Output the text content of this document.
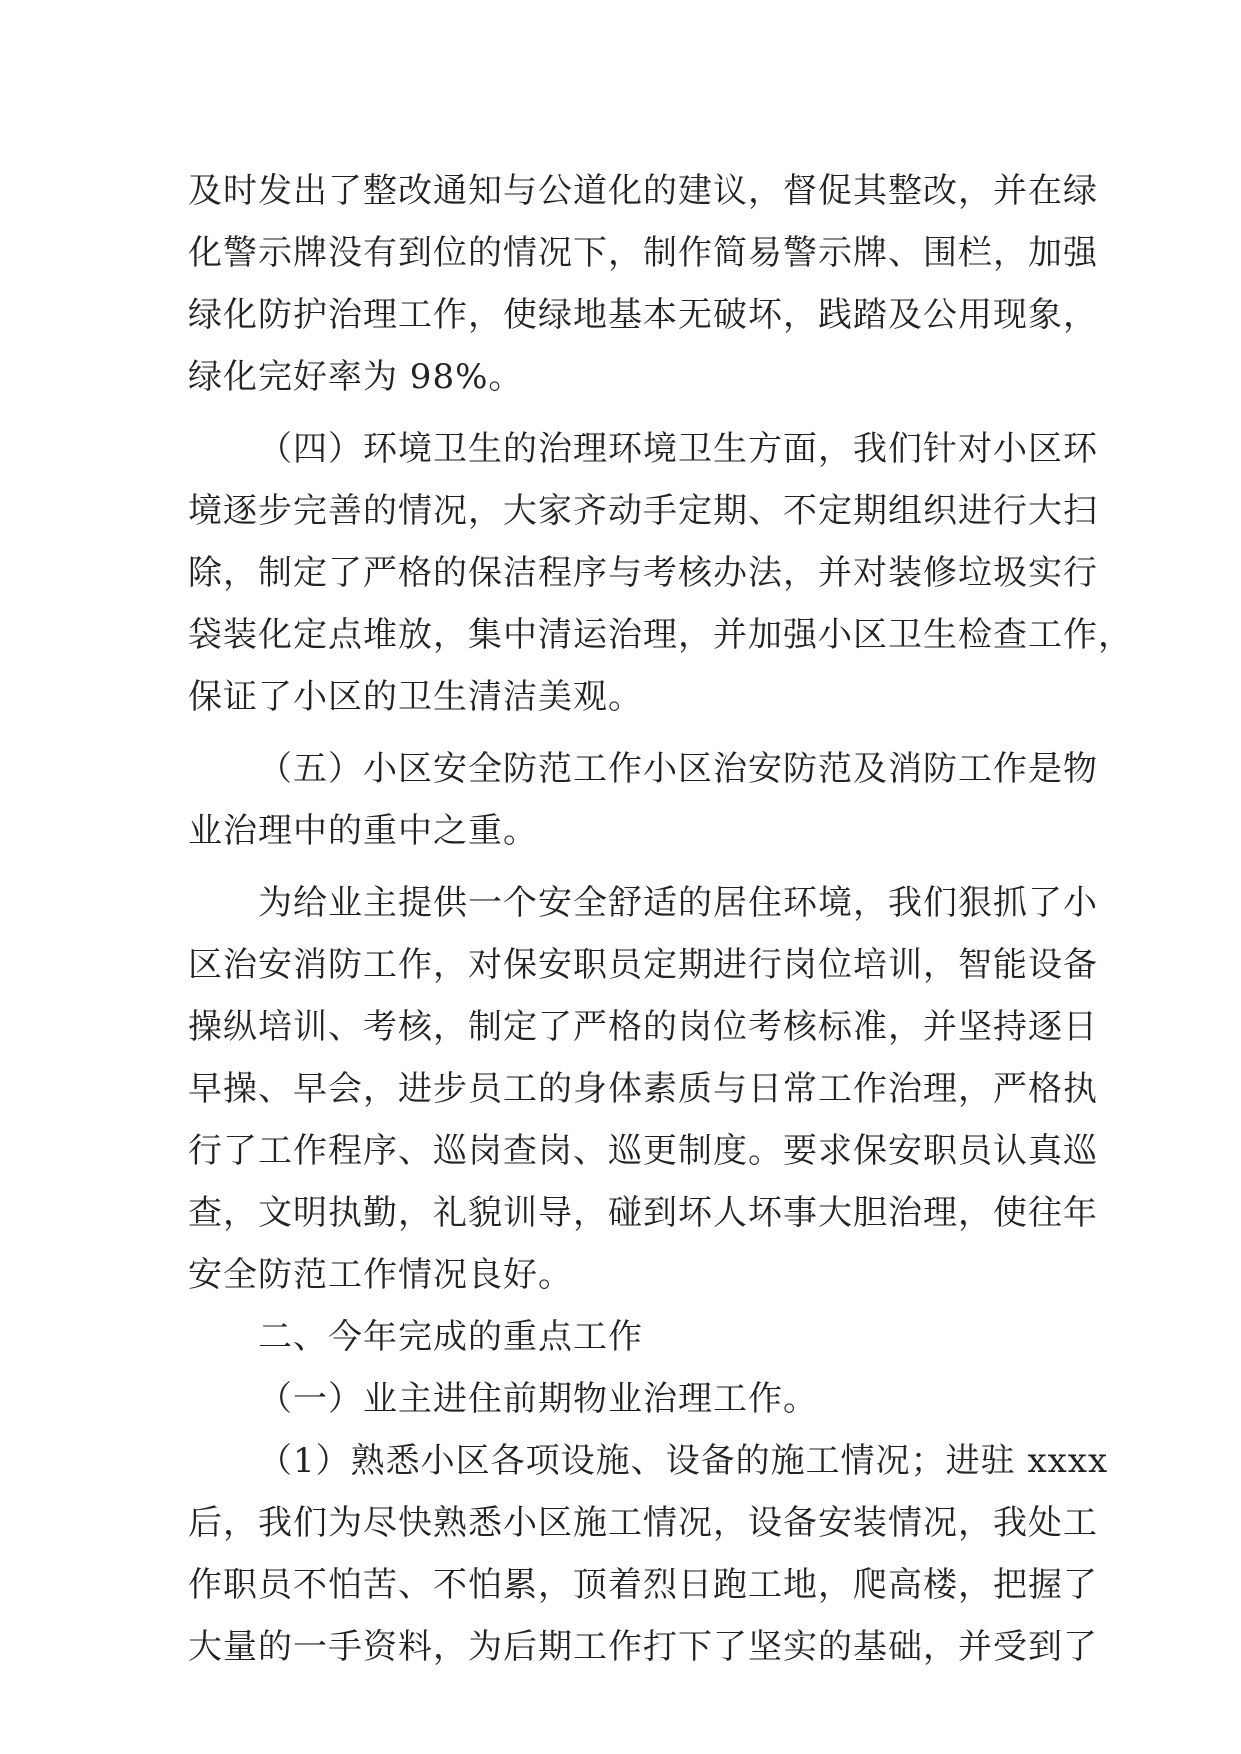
及时发出了整改通知与公道化的建议，督促其整改，并在绿
化警示牌没有到位的情况下，制作简易警示牌、围栏，加强
绿化防护治理工作，使绿地基本无破坏，践踏及公用现象，
绿化完好率为 98%。
（四）环境卫生的治理环境卫生方面，我们针对小区环
境逐步完善的情况，大家齐动手定期、不定期组织进行大扫
除，制定了严格的保洁程序与考核办法，并对装修垃圾实行
袋装化定点堆放，集中清运治理，并加强小区卫生检查工作，
保证了小区的卫生清洁美观。
（五）小区安全防范工作小区治安防范及消防工作是物
业治理中的重中之重。
为给业主提供一个安全舒适的居住环境，我们狠抓了小
区治安消防工作，对保安职员定期进行岗位培训，智能设备
操纵培训、考核，制定了严格的岗位考核标准，并坚持逐日
早操、早会，进步员工的身体素质与日常工作治理，严格执
行了工作程序、巡岗查岗、巡更制度。要求保安职员认真巡
查，文明执勤，礼貌训导，碰到坏人坏事大胆治理，使往年
安全防范工作情况良好。
二、今年完成的重点工作
（一）业主进住前期物业治理工作。
（1）熟悉小区各项设施、设备的施工情况；进驻 xxxx
后，我们为尽快熟悉小区施工情况，设备安装情况，我处工
作职员不怕苦、不怕累，顶着烈日跑工地，爬高楼，把握了
大量的一手资料，为后期工作打下了坚实的基础，并受到了
